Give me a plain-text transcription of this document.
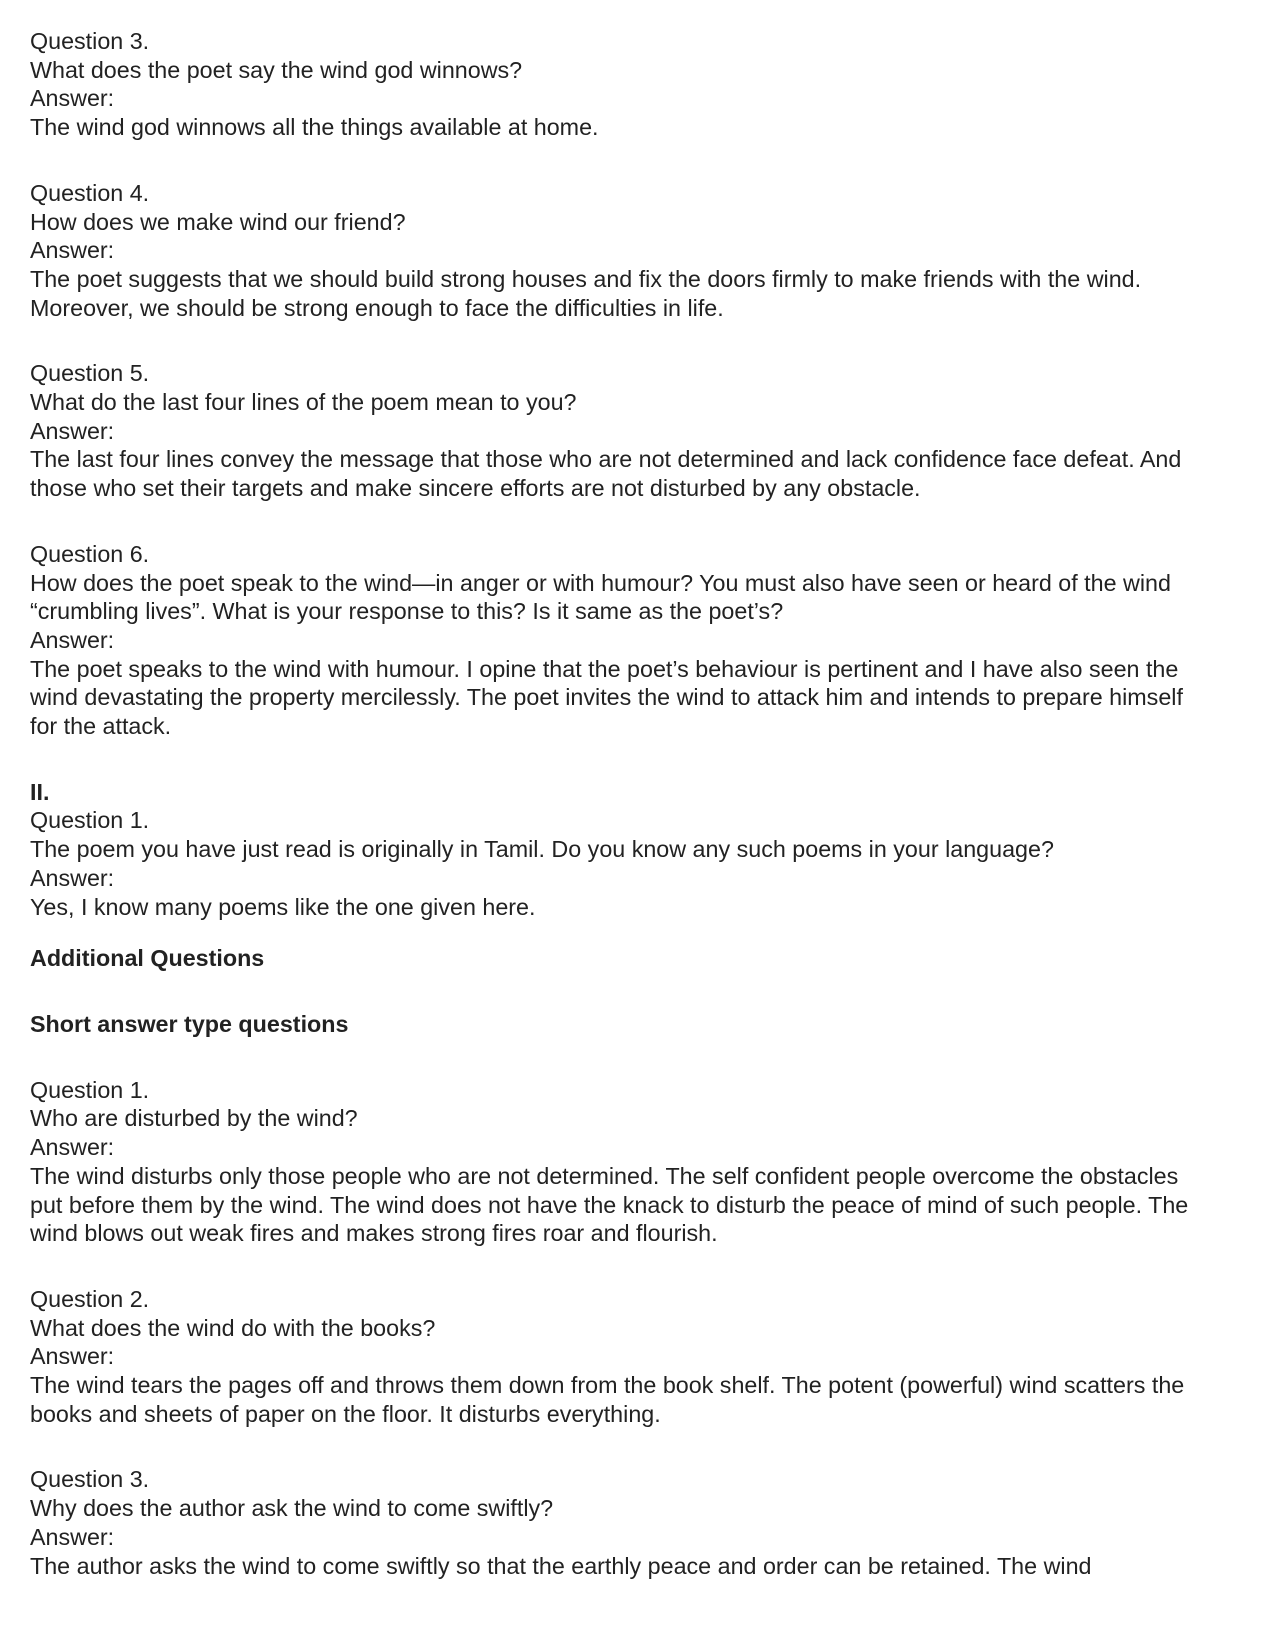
Question 3.
What does the poet say the wind god winnows?
Answer:
The wind god winnows all the things available at home.
Question 4.
How does we make wind our friend?
Answer:
The poet suggests that we should build strong houses and fix the doors firmly to make friends with the wind.
Moreover, we should be strong enough to face the difficulties in life.
Question 5.
What do the last four lines of the poem mean to you?
Answer:
The last four lines convey the message that those who are not determined and lack confidence face defeat. And
those who set their targets and make sincere efforts are not disturbed by any obstacle.
Question 6.
How does the poet speak to the wind—in anger or with humour? You must also have seen or heard of the wind
“crumbling lives”. What is your response to this? Is it same as the poet’s?
Answer:
The poet speaks to the wind with humour. I opine that the poet’s behaviour is pertinent and I have also seen the
wind devastating the property mercilessly. The poet invites the wind to attack him and intends to prepare himself
for the attack.
II.
Question 1.
The poem you have just read is originally in Tamil. Do you know any such poems in your language?
Answer:
Yes, I know many poems like the one given here.
Additional Questions
Short answer type questions
Question 1.
Who are disturbed by the wind?
Answer:
The wind disturbs only those people who are not determined. The self confident people overcome the obstacles
put before them by the wind. The wind does not have the knack to disturb the peace of mind of such people. The
wind blows out weak fires and makes strong fires roar and flourish.
Question 2.
What does the wind do with the books?
Answer:
The wind tears the pages off and throws them down from the book shelf. The potent (powerful) wind scatters the
books and sheets of paper on the floor. It disturbs everything.
Question 3.
Why does the author ask the wind to come swiftly?
Answer:
The author asks the wind to come swiftly so that the earthly peace and order can be retained. The wind
